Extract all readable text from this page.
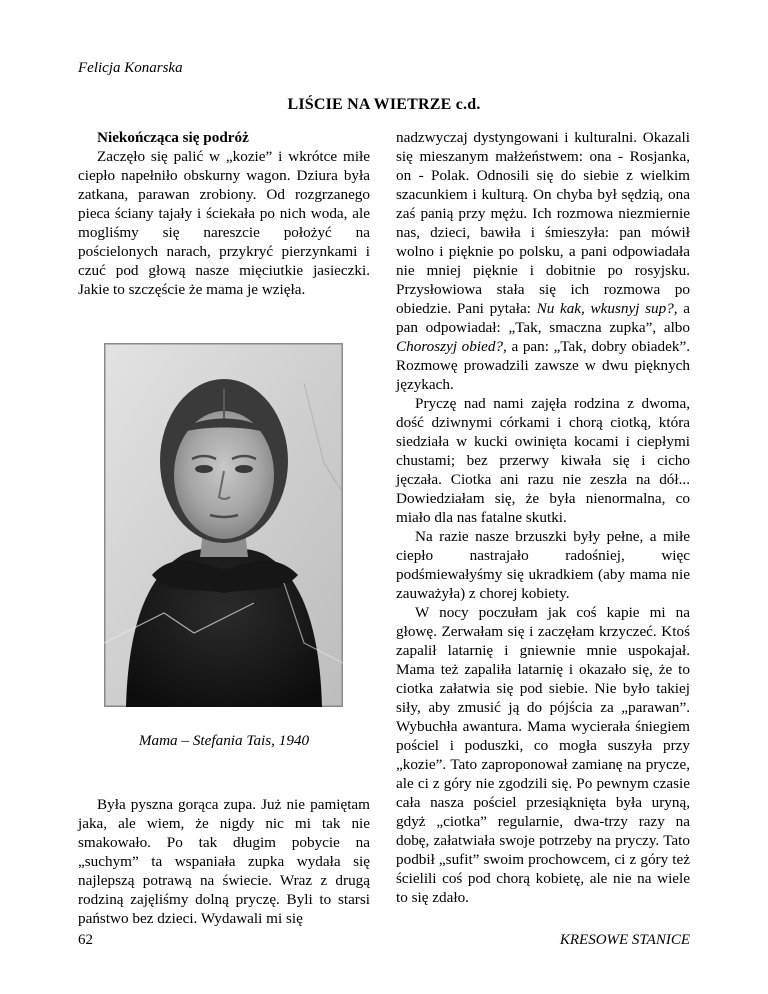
Felicja Konarska
LIŚCIE NA WIETRZE c.d.

Niekończąca się podróż

Zaczęło się palić w „kozie” i wkrótce miłe ciepło napełniło obskurny wagon. Dziura była zatkana, parawan zrobiony. Od rozgrzanego pieca ściany tajały i ściekała po nich woda, ale mogliśmy się nareszcie położyć na pościelonych narach, przykryć pierzynkami i czuć pod głową nasze mięciutkie jasieczki. Jakie to szczęście że mama je wzięła.

Mama – Stefania Tais, 1940

Była pyszna gorąca zupa. Już nie pamiętam jaka, ale wiem, że nigdy nic mi tak nie smakowało. Po tak długim pobycie na „suchym” ta wspaniała zupka wydała się najlepszą potrawą na świecie. Wraz z drugą rodziną zajęliśmy dolną pryczę. Byli to starsi państwo bez dzieci. Wydawali mi się

nadzwyczaj dystyngowani i kulturalni. Okazali się mieszanym małżeństwem: ona - Rosjanka, on - Polak. Odnosili się do siebie z wielkim szacunkiem i kulturą. On chyba był sędzią, ona zaś panią przy mężu. Ich rozmowa niezmiernie nas, dzieci, bawiła i śmieszyła: pan mówił wolno i pięknie po polsku, a pani odpowiadała nie mniej pięknie i dobitnie po rosyjsku. Przysłowiowa stała się ich rozmowa po obiedzie. Pani pytała: Nu kak, wkusnyj sup?, a pan odpowiadał: „Tak, smaczna zupka”, albo Choroszyj obied?, a pan: „Tak, dobry obiadek”. Rozmowę prowadzili zawsze w dwu pięknych językach.

Pryczę nad nami zajęła rodzina z dwoma, dość dziwnymi córkami i chorą ciotką, która siedziała w kucki owinięta kocami i ciepłymi chustami; bez przerwy kiwała się i cicho jęczała. Ciotka ani razu nie zeszła na dół... Dowiedziałam się, że była nienormalna, co miało dla nas fatalne skutki.

Na razie nasze brzuszki były pełne, a miłe ciepło nastrajało radośniej, więc podśmiewałyśmy się ukradkiem (aby mama nie zauważyła) z chorej kobiety.

W nocy poczułam jak coś kapie mi na głowę. Zerwałam się i zaczęłam krzyczeć. Ktoś zapalił latarnię i gniewnie mnie uspokajał. Mama też zapaliła latarnię i okazało się, że to ciotka załatwia się pod siebie. Nie było takiej siły, aby zmusić ją do pójścia za „parawan”. Wybuchła awantura. Mama wycierała śniegiem pościel i poduszki, co mogła suszyła przy „kozie”. Tato zaproponował zamianę na prycze, ale ci z góry nie zgodzili się. Po pewnym czasie cała nasza pościel przesiąknięta była uryną, gdyż „ciotka” regularnie, dwa-trzy razy na dobę, załatwiała swoje potrzeby na pryczy. Tato podbił „sufit” swoim prochowcem, ci z góry też ścielili coś pod chorą kobietę, ale nie na wiele to się zdało.

62	KRESOWE STANICE
